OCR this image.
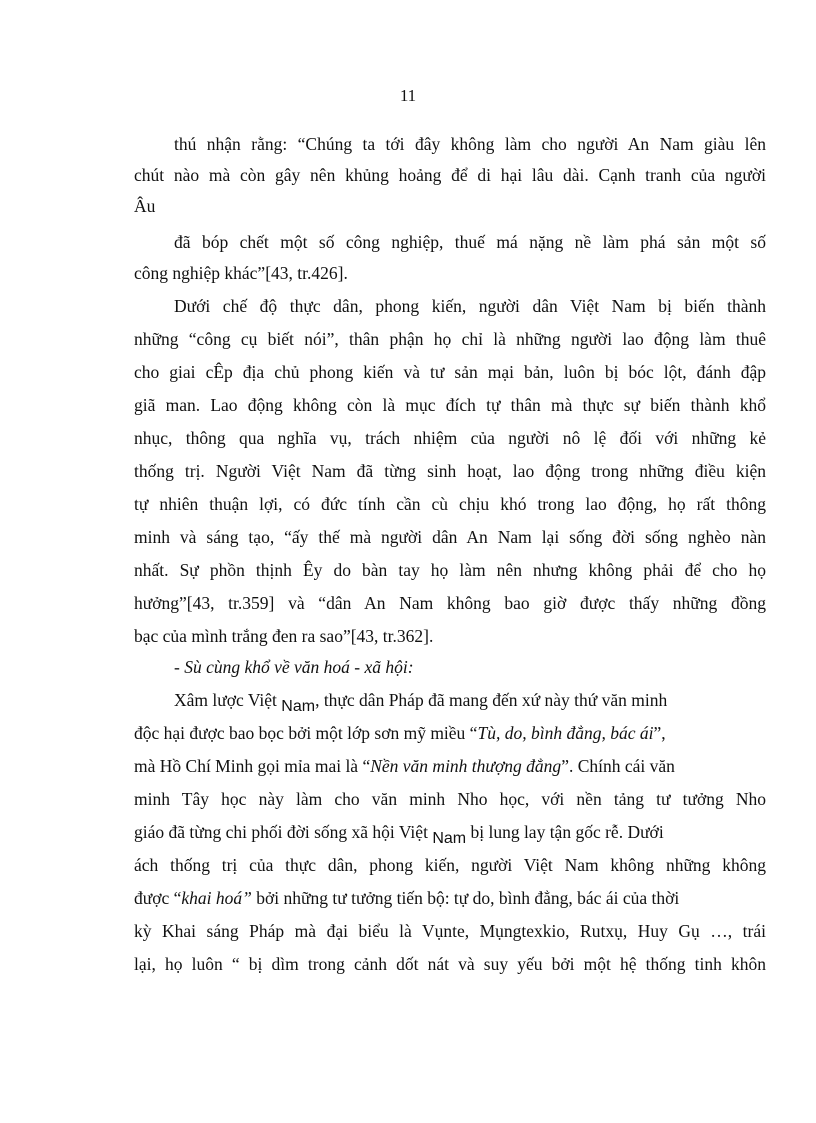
11
thú nhận rằng: “Chúng ta tới đây không làm cho người An Nam giàu lên
chút nào mà còn gây nên khủng hoảng để di hại lâu dài. Cạnh tranh của người
Âu
đã bóp chết một số công nghiệp, thuế má nặng nề làm phá sản một số
công nghiệp khác”[43, tr.426].
Dưới chế độ thực dân, phong kiến, người dân Việt Nam bị biến thành
những “công cụ biết nói”, thân phận họ chỉ là những người lao động làm thuê
cho giai cÊp địa chủ phong kiến và tư sản mại bản, luôn bị bóc lột, đánh đập
giã man. Lao động không còn là mục đích tự thân mà thực sự biến thành khổ
nhục, thông qua nghĩa vụ, trách nhiệm của người nô lệ đối với những kẻ
thống trị. Người Việt Nam đã từng sinh hoạt, lao động trong những điều kiện
tự nhiên thuận lợi, có đức tính cần cù chịu khó trong lao động, họ rất thông
minh và sáng tạo, “ấy thế mà người dân An Nam lại sống đời sống nghèo nàn
nhất. Sự phồn thịnh Êy do bàn tay họ làm nên nhưng không phải để cho họ
hưởng”[43, tr.359] và “dân An Nam không bao giờ được thấy những đồng
bạc của mình trắng đen ra sao”[43, tr.362].
- Sù cùng khổ về văn hoá - xã hội:
Xâm lược Việt Nam, thực dân Pháp đã mang đến xứ này thứ văn minh
độc hại được bao bọc bởi một lớp sơn mỹ miều “Tù, do, bình đẳng, bác ái”,
mà Hồ Chí Minh gọi mỉa mai là “Nền văn minh thượng đẳng”. Chính cái văn
minh Tây học này làm cho văn minh Nho học, với nền tảng tư tưởng Nho
giáo đã từng chi phối đời sống xã hội Việt Nam bị lung lay tận gốc rễ. Dưới
ách thống trị của thực dân, phong kiến, người Việt Nam không những không
được “khai hoá” bởi những tư tưởng tiến bộ: tự do, bình đẳng, bác ái của thời
kỳ Khai sáng Pháp mà đại biểu là Vụnte, Mụngtexkio, Rutxụ, Huy Gụ …, trái
lại, họ luôn “ bị dìm trong cảnh dốt nát và suy yếu bởi một hệ thống tinh khôn
